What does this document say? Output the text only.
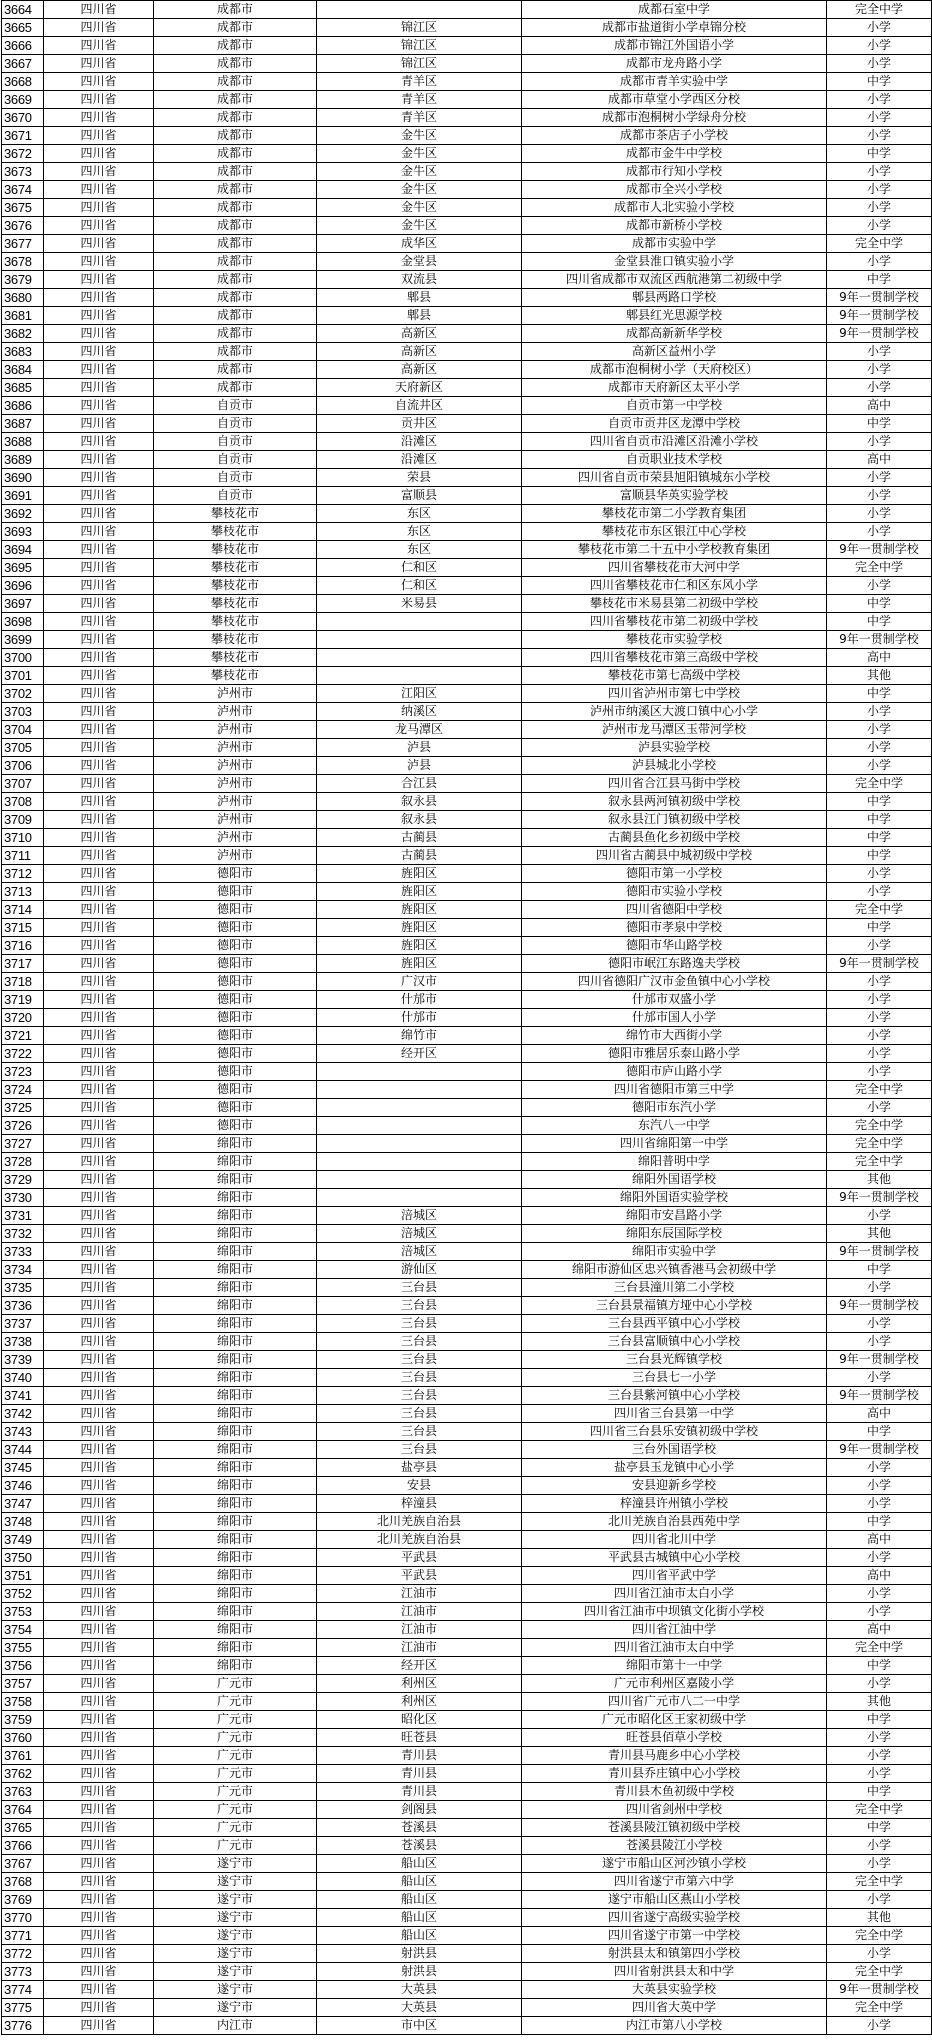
3664	四川省	成都市		成都石室中学	完全中学
3665	四川省	成都市	锦江区	成都市盐道街小学卓锦分校	小学
3666	四川省	成都市	锦江区	成都市锦江外国语小学	小学
3667	四川省	成都市	锦江区	成都市龙舟路小学	小学
3668	四川省	成都市	青羊区	成都市青羊实验中学	中学
3669	四川省	成都市	青羊区	成都市草堂小学西区分校	小学
3670	四川省	成都市	青羊区	成都市泡桐树小学绿舟分校	小学
3671	四川省	成都市	金牛区	成都市茶店子小学校	小学
3672	四川省	成都市	金牛区	成都市金牛中学校	中学
3673	四川省	成都市	金牛区	成都市行知小学校	小学
3674	四川省	成都市	金牛区	成都市全兴小学校	小学
3675	四川省	成都市	金牛区	成都市人北实验小学校	小学
3676	四川省	成都市	金牛区	成都市新桥小学校	小学
3677	四川省	成都市	成华区	成都市实验中学	完全中学
3678	四川省	成都市	金堂县	金堂县淮口镇实验小学	小学
3679	四川省	成都市	双流县	四川省成都市双流区西航港第二初级中学	中学
3680	四川省	成都市	郫县	郫县两路口学校	9年一贯制学校
3681	四川省	成都市	郫县	郫县红光思源学校	9年一贯制学校
3682	四川省	成都市	高新区	成都高新新华学校	9年一贯制学校
3683	四川省	成都市	高新区	高新区益州小学	小学
3684	四川省	成都市	高新区	成都市泡桐树小学（天府校区）	小学
3685	四川省	成都市	天府新区	成都市天府新区太平小学	小学
3686	四川省	自贡市	自流井区	自贡市第一中学校	高中
3687	四川省	自贡市	贡井区	自贡市贡井区龙潭中学校	中学
3688	四川省	自贡市	沿滩区	四川省自贡市沿滩区沿滩小学校	小学
3689	四川省	自贡市	沿滩区	自贡职业技术学校	高中
3690	四川省	自贡市	荣县	四川省自贡市荣县旭阳镇城东小学校	小学
3691	四川省	自贡市	富顺县	富顺县华英实验学校	小学
3692	四川省	攀枝花市	东区	攀枝花市第二小学教育集团	小学
3693	四川省	攀枝花市	东区	攀枝花市东区银江中心学校	小学
3694	四川省	攀枝花市	东区	攀枝花市第二十五中小学校教育集团	9年一贯制学校
3695	四川省	攀枝花市	仁和区	四川省攀枝花市大河中学	完全中学
3696	四川省	攀枝花市	仁和区	四川省攀枝花市仁和区东风小学	小学
3697	四川省	攀枝花市	米易县	攀枝花市米易县第二初级中学校	中学
3698	四川省	攀枝花市		四川省攀枝花市第二初级中学校	中学
3699	四川省	攀枝花市		攀枝花市实验学校	9年一贯制学校
3700	四川省	攀枝花市		四川省攀枝花市第三高级中学校	高中
3701	四川省	攀枝花市		攀枝花市第七高级中学校	其他
3702	四川省	泸州市	江阳区	四川省泸州市第七中学校	中学
3703	四川省	泸州市	纳溪区	泸州市纳溪区大渡口镇中心小学	小学
3704	四川省	泸州市	龙马潭区	泸州市龙马潭区玉带河学校	小学
3705	四川省	泸州市	泸县	泸县实验学校	小学
3706	四川省	泸州市	泸县	泸县城北小学校	小学
3707	四川省	泸州市	合江县	四川省合江县马街中学校	完全中学
3708	四川省	泸州市	叙永县	叙永县两河镇初级中学校	中学
3709	四川省	泸州市	叙永县	叙永县江门镇初级中学校	中学
3710	四川省	泸州市	古蔺县	古蔺县鱼化乡初级中学校	中学
3711	四川省	泸州市	古蔺县	四川省古蔺县中城初级中学校	中学
3712	四川省	德阳市	旌阳区	德阳市第一小学校	小学
3713	四川省	德阳市	旌阳区	德阳市实验小学校	小学
3714	四川省	德阳市	旌阳区	四川省德阳中学校	完全中学
3715	四川省	德阳市	旌阳区	德阳市孝泉中学校	中学
3716	四川省	德阳市	旌阳区	德阳市华山路学校	小学
3717	四川省	德阳市	旌阳区	德阳市岷江东路逸夫学校	9年一贯制学校
3718	四川省	德阳市	广汉市	四川省德阳广汉市金鱼镇中心小学校	小学
3719	四川省	德阳市	什邡市	什邡市双盛小学	小学
3720	四川省	德阳市	什邡市	什邡市国人小学	小学
3721	四川省	德阳市	绵竹市	绵竹市大西街小学	小学
3722	四川省	德阳市	经开区	德阳市雅居乐泰山路小学	小学
3723	四川省	德阳市		德阳市庐山路小学	小学
3724	四川省	德阳市		四川省德阳市第三中学	完全中学
3725	四川省	德阳市		德阳市东汽小学	小学
3726	四川省	德阳市		东汽八一中学	完全中学
3727	四川省	绵阳市		四川省绵阳第一中学	完全中学
3728	四川省	绵阳市		绵阳普明中学	完全中学
3729	四川省	绵阳市		绵阳外国语学校	其他
3730	四川省	绵阳市		绵阳外国语实验学校	9年一贯制学校
3731	四川省	绵阳市	涪城区	绵阳市安昌路小学	小学
3732	四川省	绵阳市	涪城区	绵阳东辰国际学校	其他
3733	四川省	绵阳市	涪城区	绵阳市实验中学	9年一贯制学校
3734	四川省	绵阳市	游仙区	绵阳市游仙区忠兴镇香港马会初级中学	中学
3735	四川省	绵阳市	三台县	三台县潼川第二小学校	小学
3736	四川省	绵阳市	三台县	三台县景福镇方垭中心小学校	9年一贯制学校
3737	四川省	绵阳市	三台县	三台县西平镇中心小学校	小学
3738	四川省	绵阳市	三台县	三台县富顺镇中心小学校	小学
3739	四川省	绵阳市	三台县	三台县光辉镇学校	9年一贯制学校
3740	四川省	绵阳市	三台县	三台县七一小学	小学
3741	四川省	绵阳市	三台县	三台县紫河镇中心小学校	9年一贯制学校
3742	四川省	绵阳市	三台县	四川省三台县第一中学	高中
3743	四川省	绵阳市	三台县	四川省三台县乐安镇初级中学校	中学
3744	四川省	绵阳市	三台县	三台外国语学校	9年一贯制学校
3745	四川省	绵阳市	盐亭县	盐亭县玉龙镇中心小学	小学
3746	四川省	绵阳市	安县	安县迎新乡学校	小学
3747	四川省	绵阳市	梓潼县	梓潼县许州镇小学校	小学
3748	四川省	绵阳市	北川羌族自治县	北川羌族自治县西苑中学	中学
3749	四川省	绵阳市	北川羌族自治县	四川省北川中学	高中
3750	四川省	绵阳市	平武县	平武县古城镇中心小学校	小学
3751	四川省	绵阳市	平武县	四川省平武中学	高中
3752	四川省	绵阳市	江油市	四川省江油市太白小学	小学
3753	四川省	绵阳市	江油市	四川省江油市中坝镇文化街小学校	小学
3754	四川省	绵阳市	江油市	四川省江油中学	高中
3755	四川省	绵阳市	江油市	四川省江油市太白中学	完全中学
3756	四川省	绵阳市	经开区	绵阳市第十一中学	中学
3757	四川省	广元市	利州区	广元市利州区嘉陵小学	小学
3758	四川省	广元市	利州区	四川省广元市八二一中学	其他
3759	四川省	广元市	昭化区	广元市昭化区王家初级中学	中学
3760	四川省	广元市	旺苍县	旺苍县佰草小学校	小学
3761	四川省	广元市	青川县	青川县马鹿乡中心小学校	小学
3762	四川省	广元市	青川县	青川县乔庄镇中心小学校	小学
3763	四川省	广元市	青川县	青川县木鱼初级中学校	中学
3764	四川省	广元市	剑阁县	四川省剑州中学校	完全中学
3765	四川省	广元市	苍溪县	苍溪县陵江镇初级中学校	中学
3766	四川省	广元市	苍溪县	苍溪县陵江小学校	小学
3767	四川省	遂宁市	船山区	遂宁市船山区河沙镇小学校	小学
3768	四川省	遂宁市	船山区	四川省遂宁市第六中学	完全中学
3769	四川省	遂宁市	船山区	遂宁市船山区燕山小学校	小学
3770	四川省	遂宁市	船山区	四川省遂宁高级实验学校	其他
3771	四川省	遂宁市	船山区	四川省遂宁市第一中学校	完全中学
3772	四川省	遂宁市	射洪县	射洪县太和镇第四小学校	小学
3773	四川省	遂宁市	射洪县	四川省射洪县太和中学	完全中学
3774	四川省	遂宁市	大英县	大英县实验学校	9年一贯制学校
3775	四川省	遂宁市	大英县	四川省大英中学	完全中学
3776	四川省	内江市	市中区	内江市第八小学校	小学
